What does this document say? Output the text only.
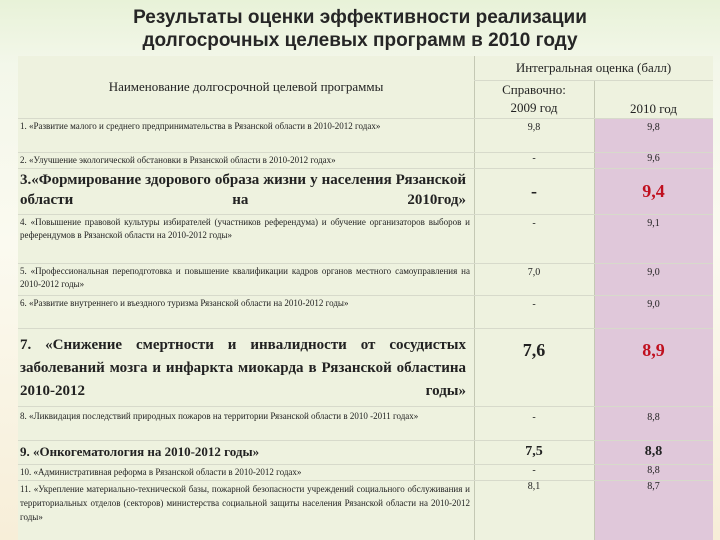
Результаты оценки эффективности реализации
долгосрочных целевых программ в 2010 году
Наименование долгосрочной целевой программы
Интегральная оценка (балл)
Справочно:
2009 год	2010 год
1. «Развитие малого и среднего предпринимательства в Рязанской области в 2010-2012 годах»	9,8	9,8
2. «Улучшение экологической обстановки в Рязанской области в 2010-2012 годах»	-	9,6
3.«Формирование здорового образа жизни у населения Рязанской области на 2010год»	-	9,4
4. «Повышение правовой культуры избирателей (участников референдума) и обучение организаторов выборов и референдумов в Рязанской области на 2010-2012 годы»
-	9,1
5. «Профессиональная переподготовка и повышение квалификации кадров органов местного самоуправления на 2010-2012 годы»
7,0	9,0
6. «Развитие внутреннего и въездного туризма Рязанской области на 2010-2012 годы»	-	9,0
7. «Снижение смертности и инвалидности от сосудистых заболеваний мозга и инфаркта миокарда в Рязанской областина 2010-2012 годы»
7,6	8,9
8. «Ликвидация последствий природных пожаров на территории Рязанской области в 2010 -2011 годах»	-	8,8
9. «Онкогематология на 2010-2012 годы»	7,5	8,8
10. «Административная реформа в Рязанской области в 2010-2012 годах»	-	8,8
11. «Укрепление материально-технической базы, пожарной безопасности учреждений социального обслуживания и территориальных отделов (секторов) министерства социальной защиты населения Рязанской области на 2010-2012 годы»
8,1	8,7
